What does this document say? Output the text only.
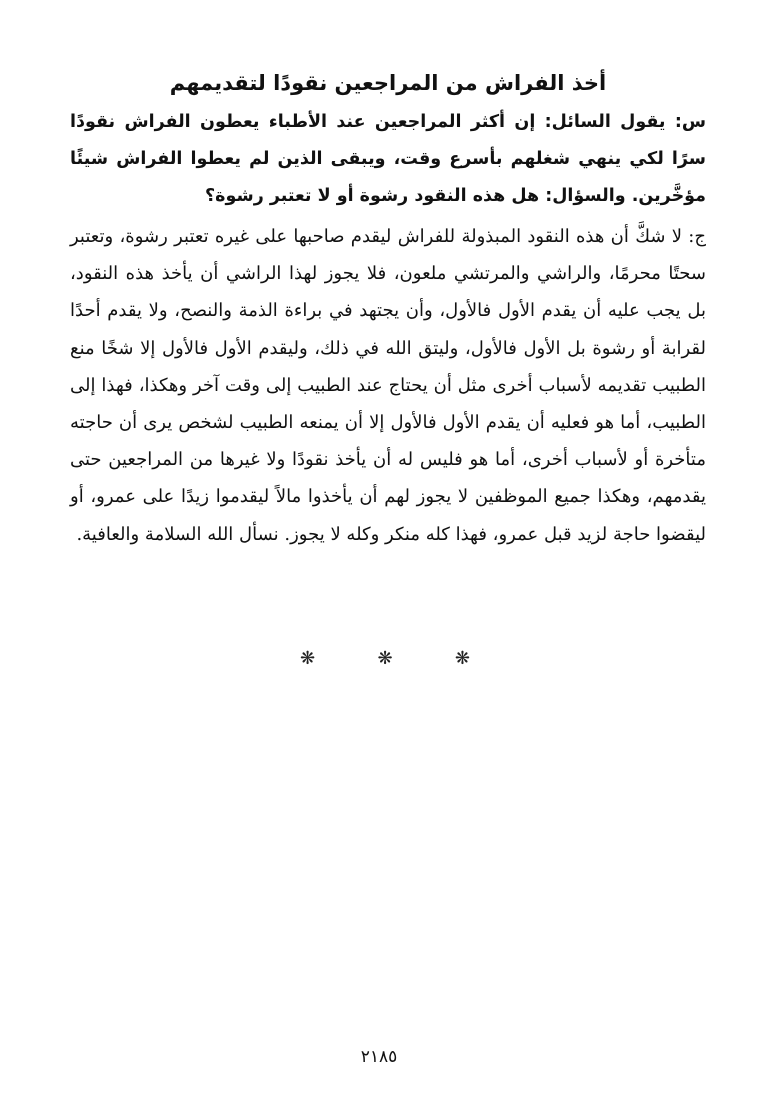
أخذ الفراش من المراجعين نقودًا لتقديمهم

س: يقول السائل: إن أكثر المراجعين عند الأطباء يعطون الفراش نقودًا سرًا لكي ينهي شغلهم بأسرع وقت، ويبقى الذين لم يعطوا الفراش شيئًا مؤخَّرين. والسؤال: هل هذه النقود رشوة أو لا تعتبر رشوة؟

ج: لا شكَّ أن هذه النقود المبذولة للفراش ليقدم صاحبها على غيره تعتبر رشوة، وتعتبر سحتًا محرمًا، والراشي والمرتشي ملعون، فلا يجوز لهذا الراشي أن يأخذ هذه النقود، بل يجب عليه أن يقدم الأول فالأول، وأن يجتهد في براءة الذمة والنصح، ولا يقدم أحدًا لقرابة أو رشوة بل الأول فالأول، وليتق الله في ذلك، وليقدم الأول فالأول إلا شخًا منع الطبيب تقديمه لأسباب أخرى مثل أن يحتاج عند الطبيب إلى وقت آخر وهكذا، فهذا إلى الطبيب، أما هو فعليه أن يقدم الأول فالأول إلا أن يمنعه الطبيب لشخص يرى أن حاجته متأخرة أو لأسباب أخرى، أما هو فليس له أن يأخذ نقودًا ولا غيرها من المراجعين حتى يقدمهم، وهكذا جميع الموظفين لا يجوز لهم أن يأخذوا مالاً ليقدموا زيدًا على عمرو، أو ليقضوا حاجة لزيد قبل عمرو، فهذا كله منكر وكله لا يجوز. نسأل الله السلامة والعافية.

❋	❋	❋
٢١٨٥
